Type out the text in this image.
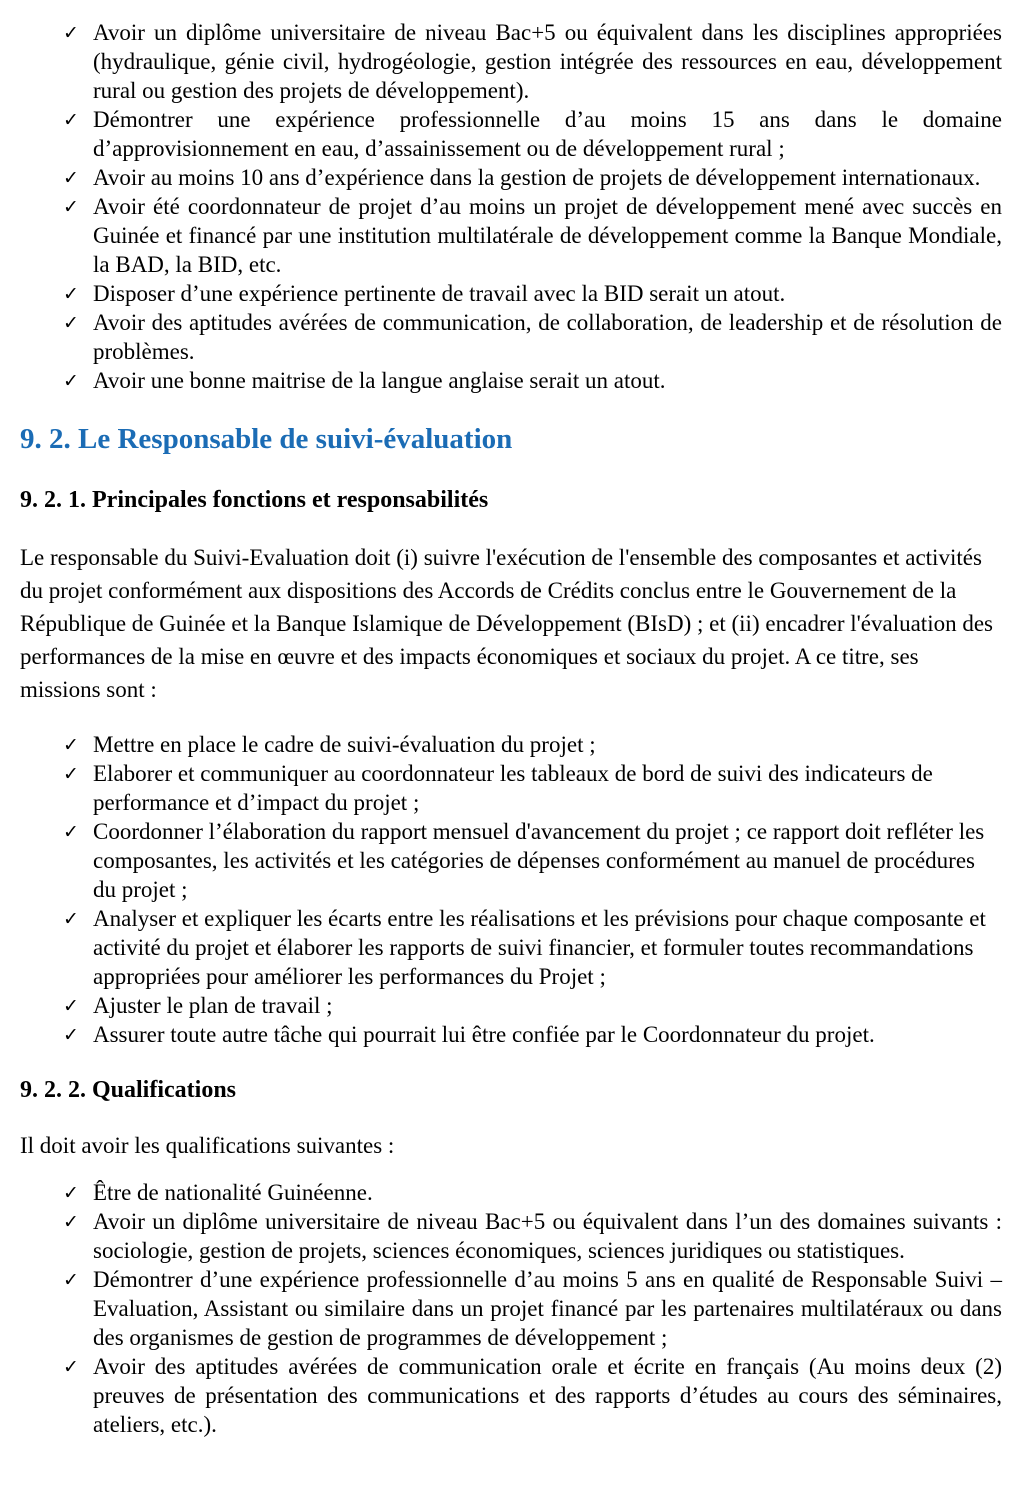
✓ Avoir un diplôme universitaire de niveau Bac+5 ou équivalent dans les disciplines appropriées (hydraulique, génie civil, hydrogéologie, gestion intégrée des ressources en eau, développement rural ou gestion des projets de développement).
✓ Démontrer une expérience professionnelle d’au moins 15 ans dans le domaine d’approvisionnement en eau, d’assainissement ou de développement rural ;
✓ Avoir au moins 10 ans d’expérience dans la gestion de projets de développement internationaux.
✓ Avoir été coordonnateur de projet d’au moins un projet de développement mené avec succès en Guinée et financé par une institution multilatérale de développement comme la Banque Mondiale, la BAD, la BID, etc.
✓ Disposer d’une expérience pertinente de travail avec la BID serait un atout.
✓ Avoir des aptitudes avérées de communication, de collaboration, de leadership et de résolution de problèmes.
✓ Avoir une bonne maitrise de la langue anglaise serait un atout.
9. 2. Le Responsable de suivi-évaluation
9. 2. 1. Principales fonctions et responsabilités
Le responsable du Suivi-Evaluation doit (i) suivre l'exécution de l'ensemble des composantes et activités du projet conformément aux dispositions des Accords de Crédits conclus entre le Gouvernement de la République de Guinée et la Banque Islamique de Développement (BIsD) ; et (ii) encadrer l'évaluation des performances de la mise en œuvre et des impacts économiques et sociaux du projet. A ce titre, ses missions sont :
✓ Mettre en place le cadre de suivi-évaluation du projet ;
✓ Elaborer et communiquer au coordonnateur les tableaux de bord de suivi des indicateurs de performance et d’impact du projet ;
✓ Coordonner l’élaboration du rapport mensuel d'avancement du projet ; ce rapport doit refléter les composantes, les activités et les catégories de dépenses conformément au manuel de procédures du projet ;
✓ Analyser et expliquer les écarts entre les réalisations et les prévisions pour chaque composante et activité du projet et élaborer les rapports de suivi financier, et formuler toutes recommandations appropriées pour améliorer les performances du Projet ;
✓ Ajuster le plan de travail ;
✓ Assurer toute autre tâche qui pourrait lui être confiée par le Coordonnateur du projet.
9. 2. 2. Qualifications
Il doit avoir les qualifications suivantes :
✓ Être de nationalité Guinéenne.
✓ Avoir un diplôme universitaire de niveau Bac+5 ou équivalent dans l’un des domaines suivants : sociologie, gestion de projets, sciences économiques, sciences juridiques ou statistiques.
✓ Démontrer d’une expérience professionnelle d’au moins 5 ans en qualité de Responsable Suivi – Evaluation, Assistant ou similaire dans un projet financé par les partenaires multilatéraux ou dans des organismes de gestion de programmes de développement ;
✓ Avoir des aptitudes avérées de communication orale et écrite en français (Au moins deux (2) preuves de présentation des communications et des rapports d’études au cours des séminaires, ateliers, etc.).
